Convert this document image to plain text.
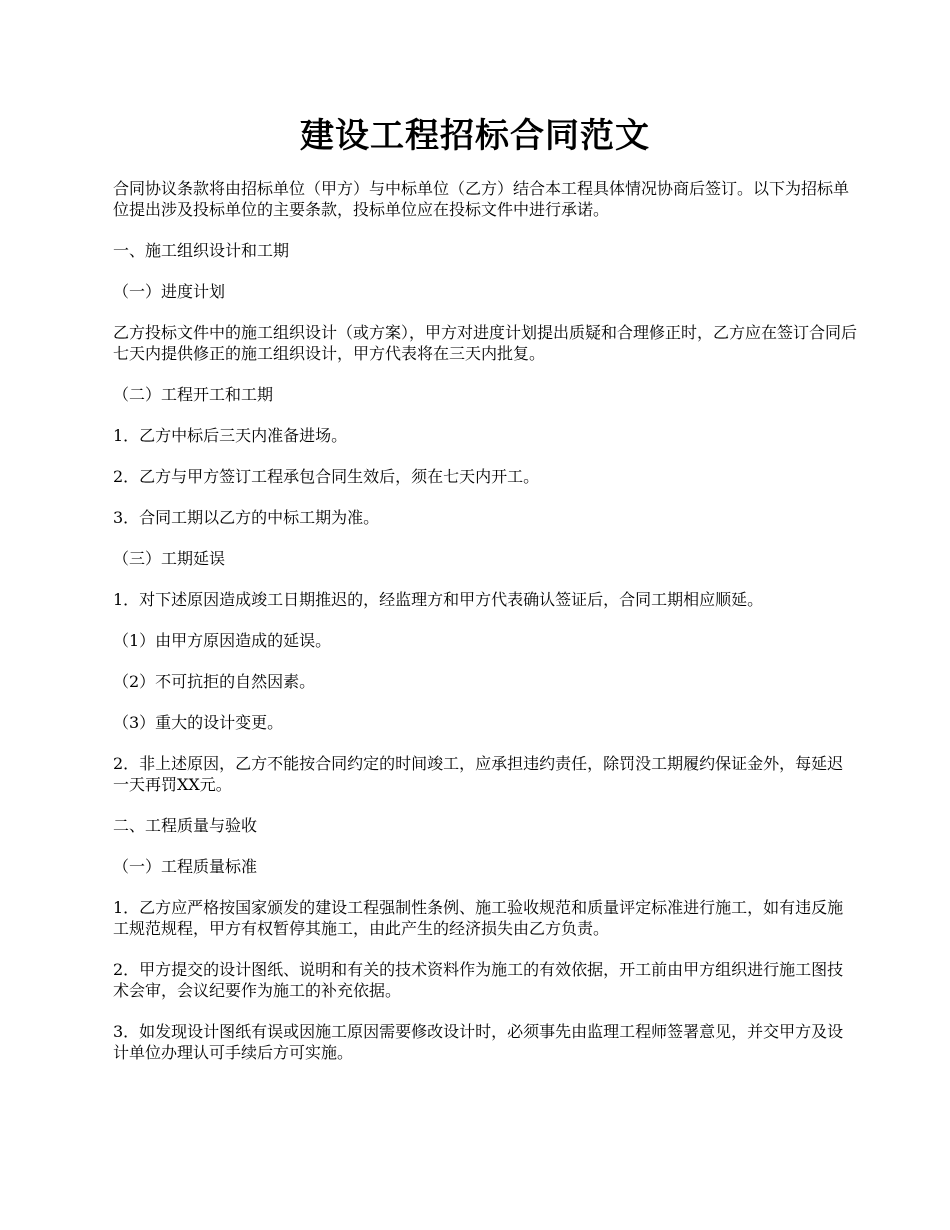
建设工程招标合同范文

合同协议条款将由招标单位（甲方）与中标单位（乙方）结合本工程具体情况协商后签订。以下为招标单位提出涉及投标单位的主要条款，投标单位应在投标文件中进行承诺。

一、施工组织设计和工期

（一）进度计划

乙方投标文件中的施工组织设计（或方案），甲方对进度计划提出质疑和合理修正时，乙方应在签订合同后七天内提供修正的施工组织设计，甲方代表将在三天内批复。

（二）工程开工和工期

1．乙方中标后三天内准备进场。

2．乙方与甲方签订工程承包合同生效后，须在七天内开工。

3．合同工期以乙方的中标工期为准。

（三）工期延误

1．对下述原因造成竣工日期推迟的，经监理方和甲方代表确认签证后，合同工期相应顺延。

（1）由甲方原因造成的延误。

（2）不可抗拒的自然因素。

（3）重大的设计变更。

2．非上述原因，乙方不能按合同约定的时间竣工，应承担违约责任，除罚没工期履约保证金外，每延迟一天再罚XX元。

二、工程质量与验收

（一）工程质量标准

1．乙方应严格按国家颁发的建设工程强制性条例、施工验收规范和质量评定标准进行施工，如有违反施工规范规程，甲方有权暂停其施工，由此产生的经济损失由乙方负责。

2．甲方提交的设计图纸、说明和有关的技术资料作为施工的有效依据，开工前由甲方组织进行施工图技术会审，会议纪要作为施工的补充依据。

3．如发现设计图纸有误或因施工原因需要修改设计时，必须事先由监理工程师签署意见，并交甲方及设计单位办理认可手续后方可实施。
